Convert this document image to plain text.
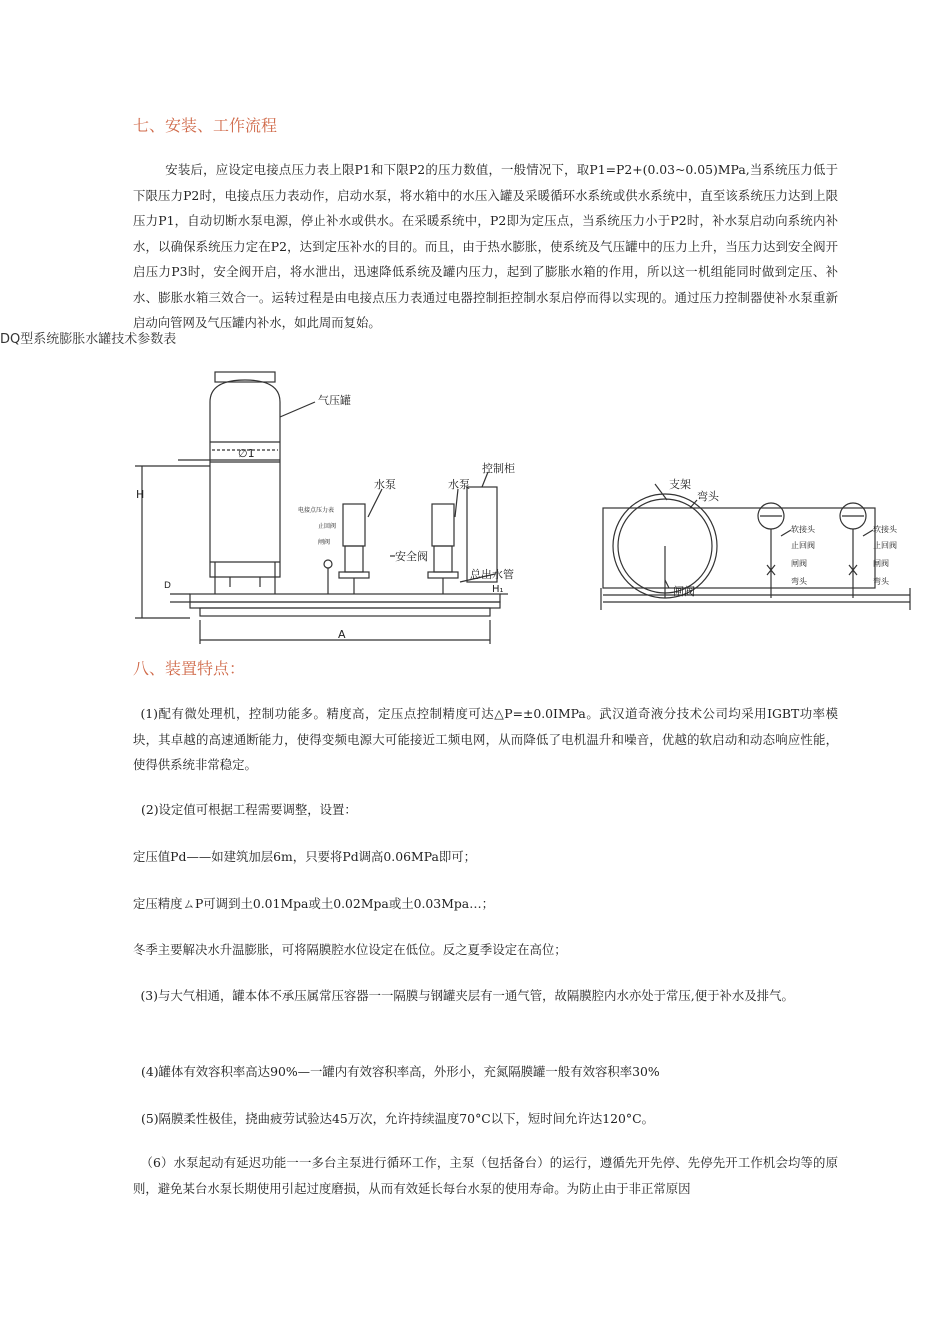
七、安装、工作流程
安装后，应设定电接点压力表上限P1和下限P2的压力数值，一般情况下，取P1=P2+(0.03~0.05)MPa,当系统压力低于下限压力P2时，电接点压力表动作，启动水泵，将水箱中的水压入罐及采暖循环水系统或供水系统中，直至该系统压力达到上限压力P1，自动切断水泵电源，停止补水或供水。在采暖系统中，P2即为定压点，当系统压力小于P2时，补水泵启动向系统内补水，以确保系统压力定在P2，达到定压补水的目的。而且，由于热水膨胀，使系统及气压罐中的压力上升，当压力达到安全阀开启压力P3时，安全阀开启，将水泄出，迅速降低系统及罐内压力，起到了膨胀水箱的作用，所以这一机组能同时做到定压、补水、膨胀水箱三效合一。运转过程是由电接点压力表通过电器控制拒控制水泵启停而得以实现的。通过压力控制器使补水泵重新启动向管网及气压罐内补水，如此周而复始。
DQ型系统膨胀水罐技术参数表
气压罐
∅1
水泵	水泵
控制柜
电接点压力表
止回阀
闸阀
安全阀
总出水管
H
D
A
H₁
支架
弯头
闸阀
软接头
止回阀
闸阀
弯头
软接头
止回阀
闸阀
弯头
八、装置特点：
(1)配有微处理机，控制功能多。精度高，定压点控制精度可达△P=±0.0IMPa。武汉道奇液分技术公司均采用IGBT功率模块，其卓越的高速通断能力，使得变频电源大可能接近工频电网，从而降低了电机温升和噪音，优越的软启动和动态响应性能，使得供系统非常稳定。
(2)设定值可根据工程需要调整，设置：
定压值Pd——如建筑加层6m，只要将Pd调高0.06MPa即可；
定压精度ㄙP可调到土0.01Mpa或土0.02Mpa或土0.03Mpa…；
冬季主要解决水升温膨胀，可将隔膜腔水位设定在低位。反之夏季设定在高位；
(3)与大气相通，罐本体不承压属常压容器一一隔膜与钢罐夹层有一通气管，故隔膜腔内水亦处于常压,便于补水及排气。
(4)罐体有效容积率高达90%—一罐内有效容积率高，外形小，充氮隔膜罐一般有效容积率30%
(5)隔膜柔性极佳，挠曲疲劳试验达45万次，允许持续温度70°C以下，短时间允许达120°C。
（6）水泵起动有延迟功能一一多台主泵进行循环工作，主泵（包括备台）的运行，遵循先开先停、先停先开工作机会均等的原则，避免某台水泵长期使用引起过度磨损，从而有效延长每台水泵的使用寿命。为防止由于非正常原因
